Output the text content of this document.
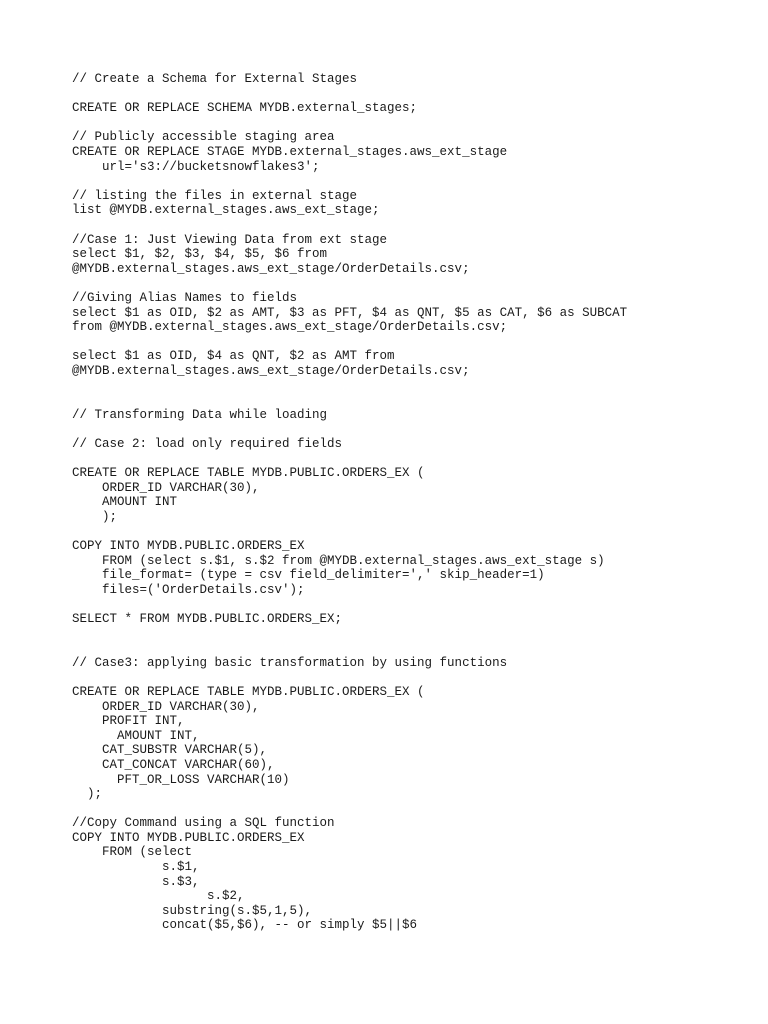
// Create a Schema for External Stages
CREATE OR REPLACE SCHEMA MYDB.external_stages;
// Publicly accessible staging area
CREATE OR REPLACE STAGE MYDB.external_stages.aws_ext_stage
url='s3://bucketsnowflakes3';
// listing the files in external stage
list @MYDB.external_stages.aws_ext_stage;
//Case 1: Just Viewing Data from ext stage
select $1, $2, $3, $4, $5, $6 from
@MYDB.external_stages.aws_ext_stage/OrderDetails.csv;
//Giving Alias Names to fields
select $1 as OID, $2 as AMT, $3 as PFT, $4 as QNT, $5 as CAT, $6 as SUBCAT
from @MYDB.external_stages.aws_ext_stage/OrderDetails.csv;
select $1 as OID, $4 as QNT, $2 as AMT from
@MYDB.external_stages.aws_ext_stage/OrderDetails.csv;
// Transforming Data while loading
// Case 2: load only required fields
CREATE OR REPLACE TABLE MYDB.PUBLIC.ORDERS_EX (
ORDER_ID VARCHAR(30),
AMOUNT INT
);
COPY INTO MYDB.PUBLIC.ORDERS_EX
FROM (select s.$1, s.$2 from @MYDB.external_stages.aws_ext_stage s)
file_format= (type = csv field_delimiter=',' skip_header=1)
files=('OrderDetails.csv');
SELECT * FROM MYDB.PUBLIC.ORDERS_EX;
// Case3: applying basic transformation by using functions
CREATE OR REPLACE TABLE MYDB.PUBLIC.ORDERS_EX (
ORDER_ID VARCHAR(30),
PROFIT INT,
AMOUNT INT,
CAT_SUBSTR VARCHAR(5),
CAT_CONCAT VARCHAR(60),
PFT_OR_LOSS VARCHAR(10)
);
//Copy Command using a SQL function
COPY INTO MYDB.PUBLIC.ORDERS_EX
FROM (select
s.$1,
s.$3,
s.$2,
substring(s.$5,1,5),
concat($5,$6), -- or simply $5||$6
